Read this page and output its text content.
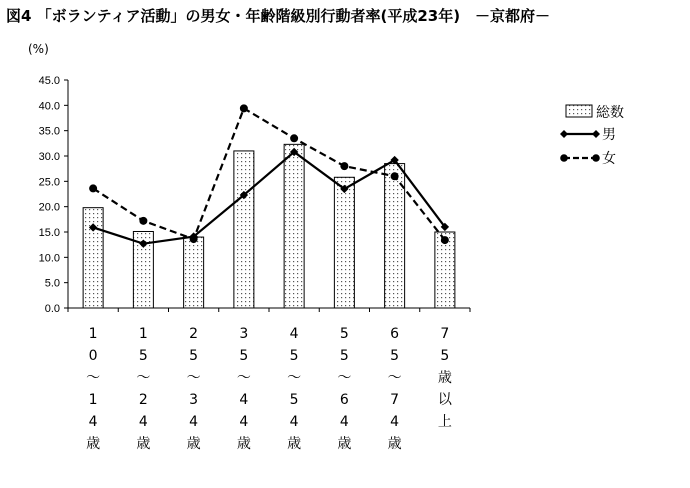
図4 「ボランティア活動」の男女・年齢階級別行動者率(平成23年)　－京都府－
(%)
0.0
5.0
10.0
15.0
20.0
25.0
30.0
35.0
40.0
45.0
1
0
～
1
4
歳
1
5
～
2
4
歳
2
5
～
3
4
歳
3
5
～
4
4
歳
4
5
～
5
4
歳
5
5
～
6
4
歳
6
5
～
7
4
歳
7
5
歳
以
上
総数
男
女
